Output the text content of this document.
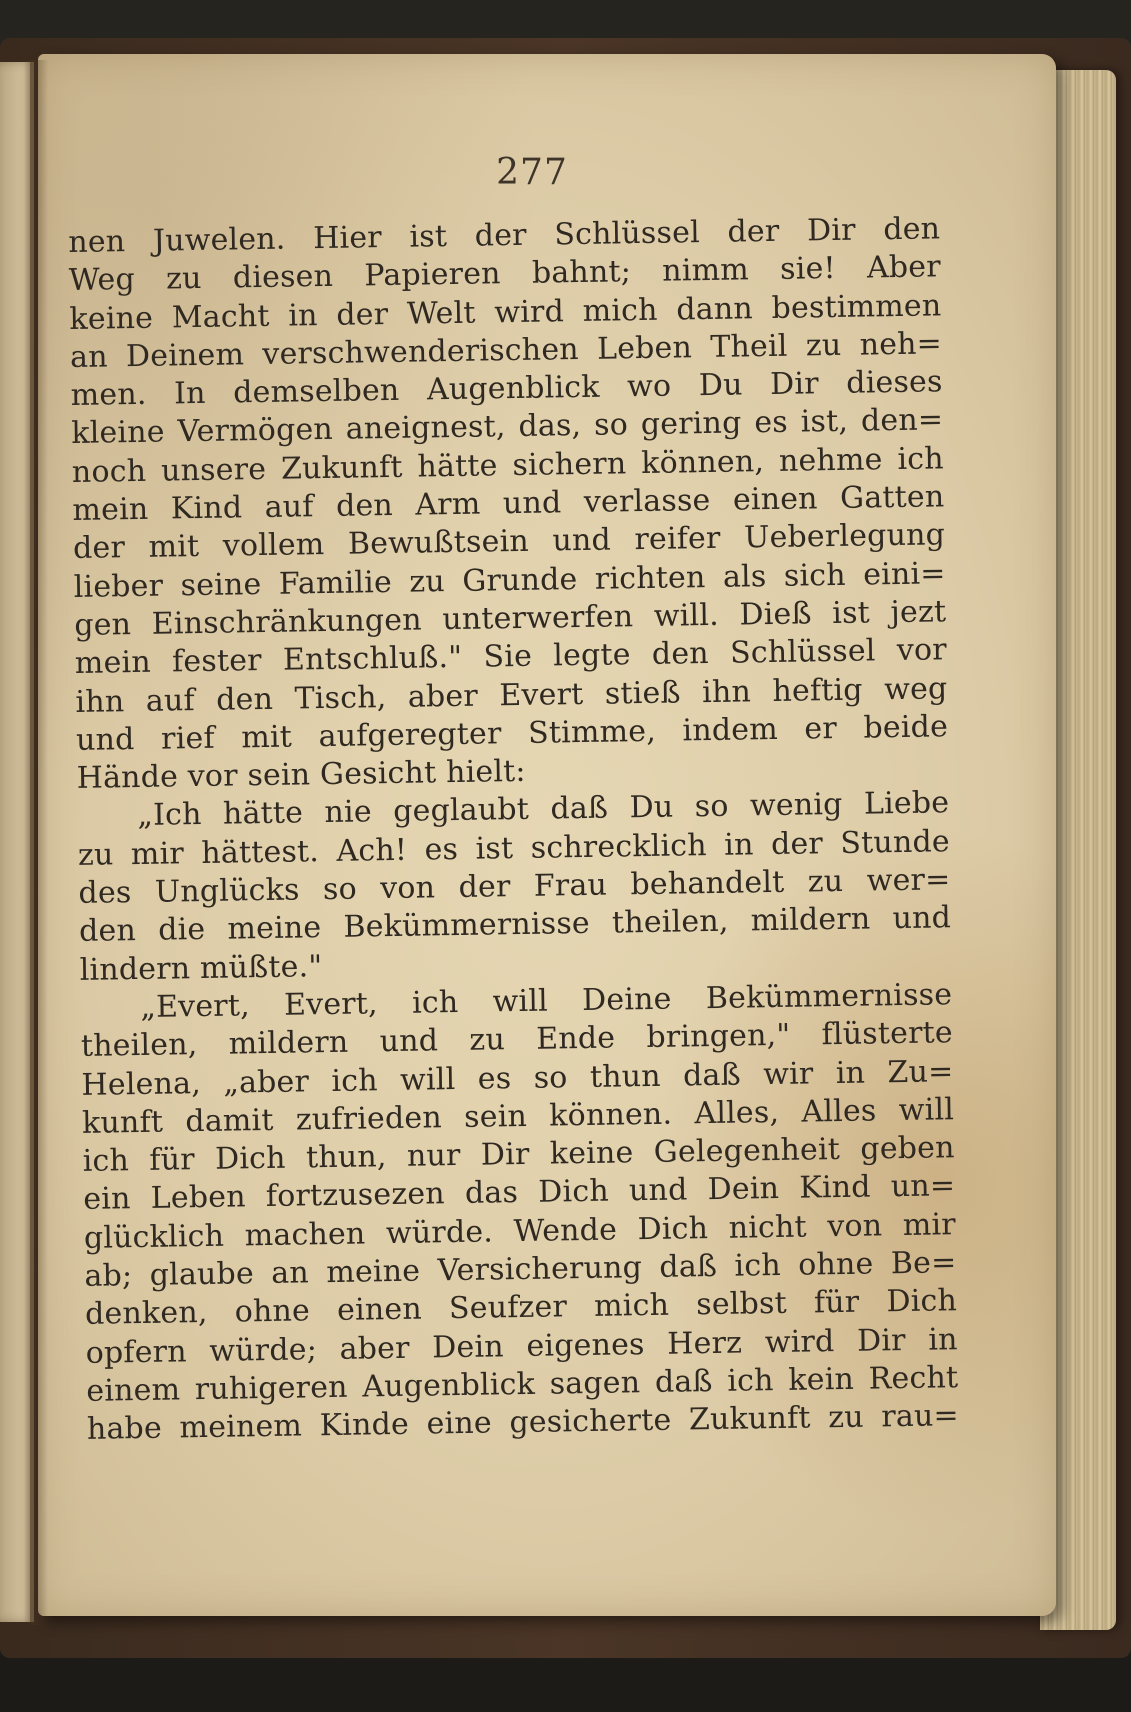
277
nen Juwelen. Hier ist der Schlüssel der Dir den
Weg zu diesen Papieren bahnt; nimm sie! Aber
keine Macht in der Welt wird mich dann bestimmen
an Deinem verschwenderischen Leben Theil zu neh=
men. In demselben Augenblick wo Du Dir dieses
kleine Vermögen aneignest, das, so gering es ist, den=
noch unsere Zukunft hätte sichern können, nehme ich
mein Kind auf den Arm und verlasse einen Gatten
der mit vollem Bewußtsein und reifer Ueberlegung
lieber seine Familie zu Grunde richten als sich eini=
gen Einschränkungen unterwerfen will. Dieß ist jezt
mein fester Entschluß." Sie legte den Schlüssel vor
ihn auf den Tisch, aber Evert stieß ihn heftig weg
und rief mit aufgeregter Stimme, indem er beide
Hände vor sein Gesicht hielt:
„Ich hätte nie geglaubt daß Du so wenig Liebe
zu mir hättest. Ach! es ist schrecklich in der Stunde
des Unglücks so von der Frau behandelt zu wer=
den die meine Bekümmernisse theilen, mildern und
lindern müßte."
„Evert, Evert, ich will Deine Bekümmernisse
theilen, mildern und zu Ende bringen," flüsterte
Helena, „aber ich will es so thun daß wir in Zu=
kunft damit zufrieden sein können. Alles, Alles will
ich für Dich thun, nur Dir keine Gelegenheit geben
ein Leben fortzusezen das Dich und Dein Kind un=
glücklich machen würde. Wende Dich nicht von mir
ab; glaube an meine Versicherung daß ich ohne Be=
denken, ohne einen Seufzer mich selbst für Dich
opfern würde; aber Dein eigenes Herz wird Dir in
einem ruhigeren Augenblick sagen daß ich kein Recht
habe meinem Kinde eine gesicherte Zukunft zu rau=
